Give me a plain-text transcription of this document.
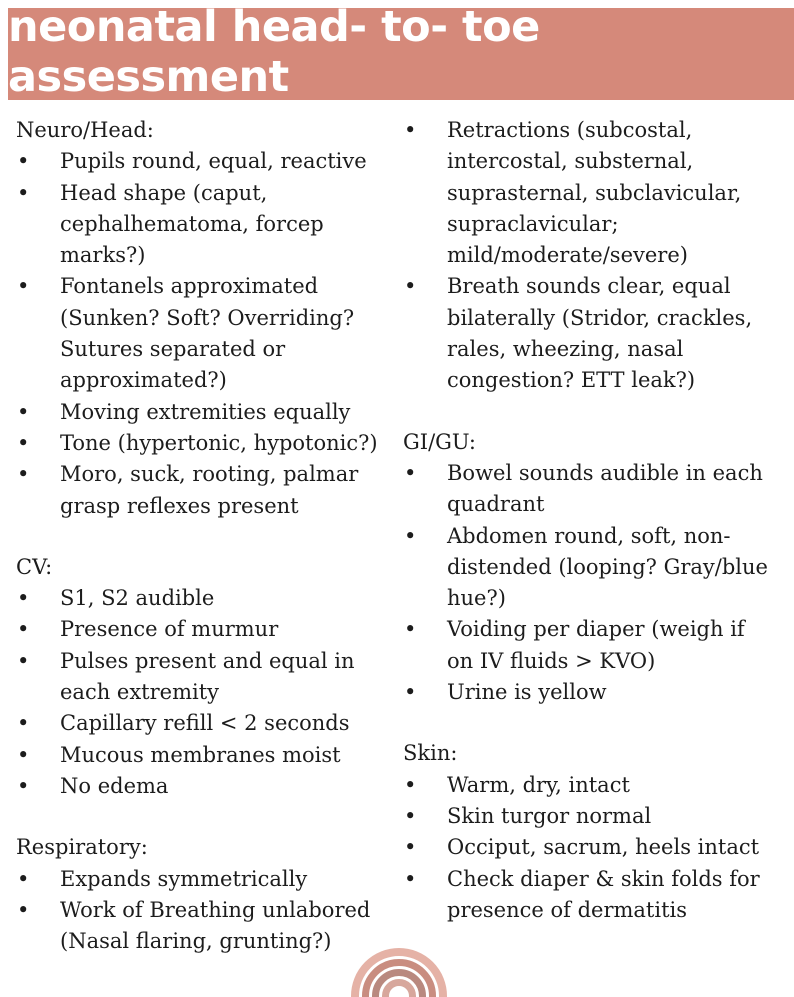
neonatal head- to- toe assessment

Neuro/Head:

• Pupils round, equal, reactive
• Head shape (caput, cephalhematoma, forcep marks?)
• Fontanels approximated (Sunken? Soft? Overriding? Sutures separated or approximated?)
• Moving extremities equally
• Tone (hypertonic, hypotonic?)
• Moro, suck, rooting, palmar grasp reflexes present

CV:

• S1, S2 audible
• Presence of murmur
• Pulses present and equal in each extremity
• Capillary refill < 2 seconds
• Mucous membranes moist
• No edema

Respiratory:

• Expands symmetrically
• Work of Breathing unlabored (Nasal flaring, grunting?)
• Retractions (subcostal, intercostal, substernal, suprasternal, subclavicular, supraclavicular; mild/moderate/severe)
• Breath sounds clear, equal bilaterally (Stridor, crackles, rales, wheezing, nasal congestion? ETT leak?)

GI/GU:

• Bowel sounds audible in each quadrant
• Abdomen round, soft, non-distended (looping? Gray/blue hue?)
• Voiding per diaper (weigh if on IV fluids > KVO)
• Urine is yellow

Skin:

• Warm, dry, intact
• Skin turgor normal
• Occiput, sacrum, heels intact
• Check diaper & skin folds for presence of dermatitis
